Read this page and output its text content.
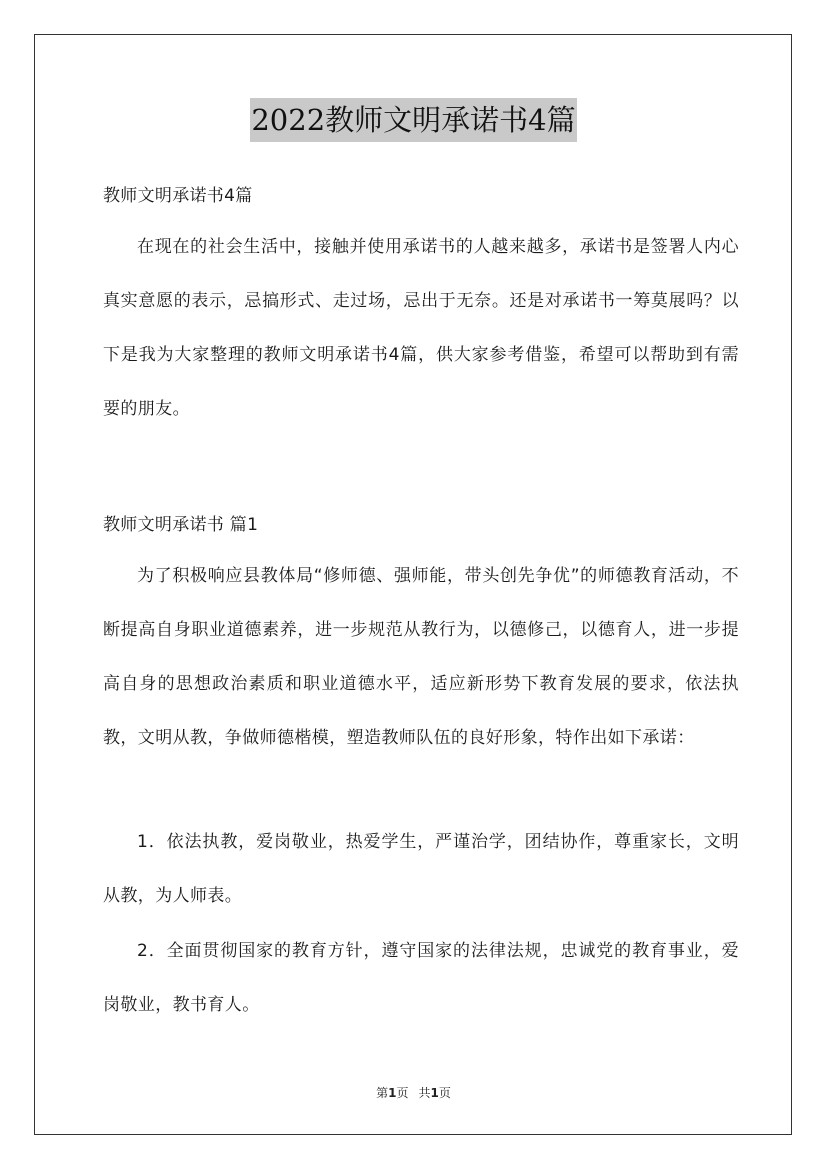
2022教师文明承诺书4篇
教师文明承诺书4篇

在现在的社会生活中，接触并使用承诺书的人越来越多，承诺书是签署人内心真实意愿的表示，忌搞形式、走过场，忌出于无奈。还是对承诺书一筹莫展吗？以下是我为大家整理的教师文明承诺书4篇，供大家参考借鉴，希望可以帮助到有需要的朋友。

教师文明承诺书 篇1

为了积极响应县教体局“修师德、强师能，带头创先争优”的师德教育活动，不断提高自身职业道德素养，进一步规范从教行为，以德修己，以德育人，进一步提高自身的思想政治素质和职业道德水平，适应新形势下教育发展的要求，依法执教，文明从教，争做师德楷模，塑造教师队伍的良好形象，特作出如下承诺：

1．依法执教，爱岗敬业，热爱学生，严谨治学，团结协作，尊重家长，文明从教，为人师表。

2．全面贯彻国家的教育方针，遵守国家的法律法规，忠诚党的教育事业，爱岗敬业，教书育人。

第1页 共1页
